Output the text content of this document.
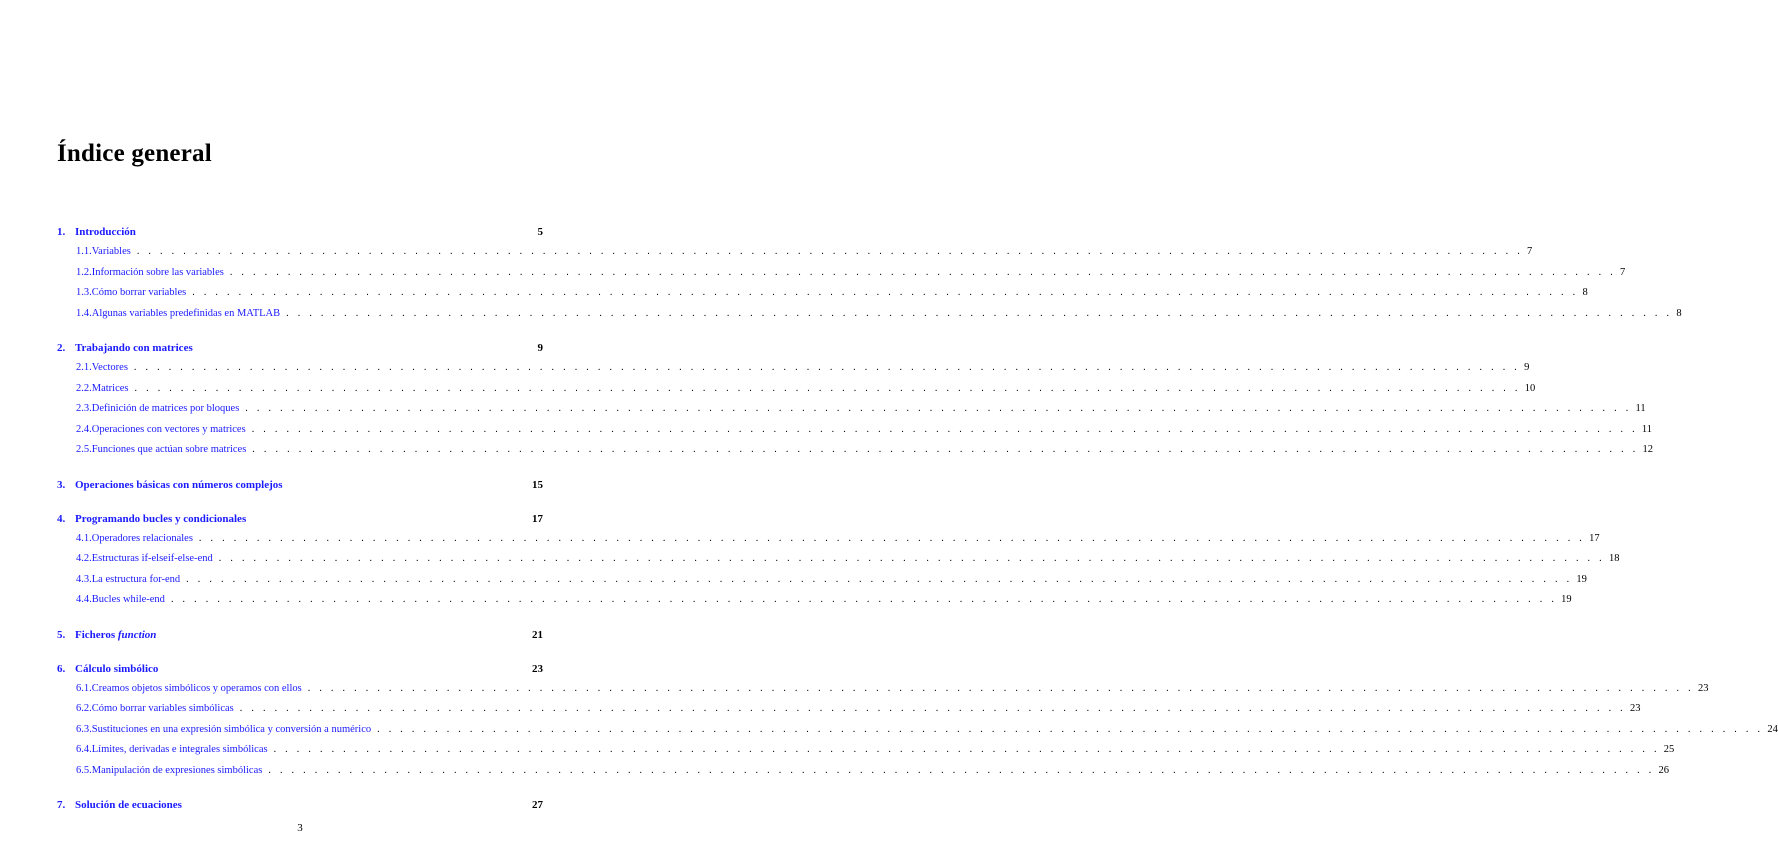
Índice general
1. Introducción	5
1.1. Variables . . . . . . . . . . . . . . . . . . . . . . . . . . . . . . . . . . . . . . . . . . . . . . . . . . . . . . . . . . . . . . . . . . . . . . . . . . . . . . . . . . . . . . . . . . . . . . . . . . . . . . . . . . . . . . . . . . . . . . . . 7
1.2. Información sobre las variables . . . . . . . . . . . . . . . . . . . . . . . . . . . . . . . . . . . . . . . . . . . . . . . . . . . . . . . . . . . . . . . . . . . . . . . . . . . . . . . . . . . . . . . . . . . . . . . . . . . . . . . . . . . . . . . . . . . . . . . . 7
1.3. Cómo borrar variables . . . . . . . . . . . . . . . . . . . . . . . . . . . . . . . . . . . . . . . . . . . . . . . . . . . . . . . . . . . . . . . . . . . . . . . . . . . . . . . . . . . . . . . . . . . . . . . . . . . . . . . . . . . . . . . . . . . . . . . . 8
1.4. Algunas variables predefinidas en MATLAB . . . . . . . . . . . . . . . . . . . . . . . . . . . . . . . . . . . . . . . . . . . . . . . . . . . . . . . . . . . . . . . . . . . . . . . . . . . . . . . . . . . . . . . . . . . . . . . . . . . . . . . . . . . . . . . . . . . . . . . . 8
2. Trabajando con matrices	9
2.1. Vectores . . . . . . . . . . . . . . . . . . . . . . . . . . . . . . . . . . . . . . . . . . . . . . . . . . . . . . . . . . . . . . . . . . . . . . . . . . . . . . . . . . . . . . . . . . . . . . . . . . . . . . . . . . . . . . . . . . . . . . . . 9
2.2. Matrices . . . . . . . . . . . . . . . . . . . . . . . . . . . . . . . . . . . . . . . . . . . . . . . . . . . . . . . . . . . . . . . . . . . . . . . . . . . . . . . . . . . . . . . . . . . . . . . . . . . . . . . . . . . . . . . . . . . . . . . . 10
2.3. Definición de matrices por bloques . . . . . . . . . . . . . . . . . . . . . . . . . . . . . . . . . . . . . . . . . . . . . . . . . . . . . . . . . . . . . . . . . . . . . . . . . . . . . . . . . . . . . . . . . . . . . . . . . . . . . . . . . . . . . . . . . . . . . . . . 11
2.4. Operaciones con vectores y matrices . . . . . . . . . . . . . . . . . . . . . . . . . . . . . . . . . . . . . . . . . . . . . . . . . . . . . . . . . . . . . . . . . . . . . . . . . . . . . . . . . . . . . . . . . . . . . . . . . . . . . . . . . . . . . . . . . . . . . . . . 11
2.5. Funciones que actúan sobre matrices . . . . . . . . . . . . . . . . . . . . . . . . . . . . . . . . . . . . . . . . . . . . . . . . . . . . . . . . . . . . . . . . . . . . . . . . . . . . . . . . . . . . . . . . . . . . . . . . . . . . . . . . . . . . . . . . . . . . . . . . 12
3. Operaciones básicas con números complejos	15
4. Programando bucles y condicionales	17
4.1. Operadores relacionales . . . . . . . . . . . . . . . . . . . . . . . . . . . . . . . . . . . . . . . . . . . . . . . . . . . . . . . . . . . . . . . . . . . . . . . . . . . . . . . . . . . . . . . . . . . . . . . . . . . . . . . . . . . . . . . . . . . . . . . . 17
4.2. Estructuras if-elseif-else-end . . . . . . . . . . . . . . . . . . . . . . . . . . . . . . . . . . . . . . . . . . . . . . . . . . . . . . . . . . . . . . . . . . . . . . . . . . . . . . . . . . . . . . . . . . . . . . . . . . . . . . . . . . . . . . . . . . . . . . . . 18
4.3. La estructura for-end . . . . . . . . . . . . . . . . . . . . . . . . . . . . . . . . . . . . . . . . . . . . . . . . . . . . . . . . . . . . . . . . . . . . . . . . . . . . . . . . . . . . . . . . . . . . . . . . . . . . . . . . . . . . . . . . . . . . . . . . 19
4.4. Bucles while-end . . . . . . . . . . . . . . . . . . . . . . . . . . . . . . . . . . . . . . . . . . . . . . . . . . . . . . . . . . . . . . . . . . . . . . . . . . . . . . . . . . . . . . . . . . . . . . . . . . . . . . . . . . . . . . . . . . . . . . . . 19
5. Ficheros function	21
6. Cálculo simbólico	23
6.1. Creamos objetos simbólicos y operamos con ellos . . . . . . . . . . . . . . . . . . . . . . . . . . . . . . . . . . . . . . . . . . . . . . . . . . . . . . . . . . . . . . . . . . . . . . . . . . . . . . . . . . . . . . . . . . . . . . . . . . . . . . . . . . . . . . . . . . . . . . . . 23
6.2. Cómo borrar variables simbólicas . . . . . . . . . . . . . . . . . . . . . . . . . . . . . . . . . . . . . . . . . . . . . . . . . . . . . . . . . . . . . . . . . . . . . . . . . . . . . . . . . . . . . . . . . . . . . . . . . . . . . . . . . . . . . . . . . . . . . . . . 23
6.3. Sustituciones en una expresión simbólica y conversión a numérico . . . . . . . . . . . . . . . . . . . . . . . . . . . . . . . . . . . . . . . . . . . . . . . . . . . . . . . . . . . . . . . . . . . . . . . . . . . . . . . . . . . . . . . . . . . . . . . . . . . . . . . . . . . . . . . . . . . . . . . . 24
6.4. Límites, derivadas e integrales simbólicas . . . . . . . . . . . . . . . . . . . . . . . . . . . . . . . . . . . . . . . . . . . . . . . . . . . . . . . . . . . . . . . . . . . . . . . . . . . . . . . . . . . . . . . . . . . . . . . . . . . . . . . . . . . . . . . . . . . . . . . . 25
6.5. Manipulación de expresiones simbólicas . . . . . . . . . . . . . . . . . . . . . . . . . . . . . . . . . . . . . . . . . . . . . . . . . . . . . . . . . . . . . . . . . . . . . . . . . . . . . . . . . . . . . . . . . . . . . . . . . . . . . . . . . . . . . . . . . . . . . . . . 26
7. Solución de ecuaciones	27
3
